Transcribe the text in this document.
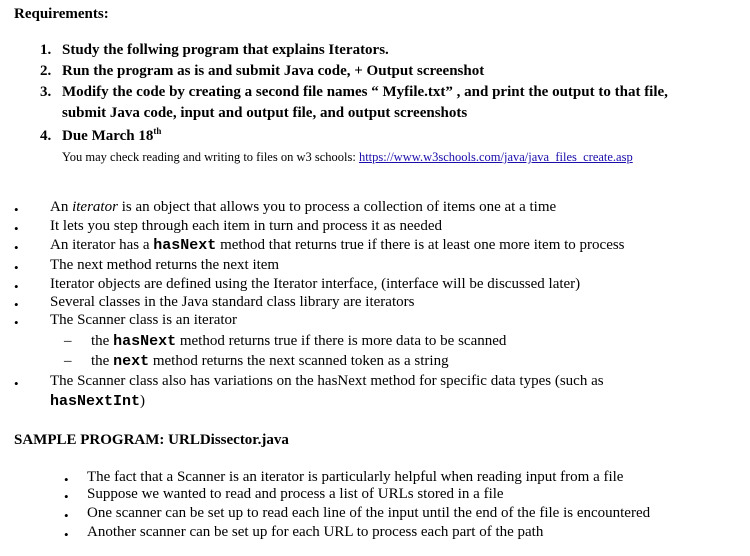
Requirements:
1. Study the follwing program that explains Iterators.
2. Run the program as is and submit Java code, + Output screenshot
3. Modify the code by creating a second file names “ Myfile.txt” , and print the output to that file,
submit Java code, input and output file, and output screenshots
4. Due March 18th
You may check reading and writing to files on w3 schools: https://www.w3schools.com/java/java_files_create.asp
• An iterator is an object that allows you to process a collection of items one at a time
• It lets you step through each item in turn and process it as needed
• An iterator has a hasNext method that returns true if there is at least one more item to process
• The next method returns the next item
• Iterator objects are defined using the Iterator interface, (interface will be discussed later)
• Several classes in the Java standard class library are iterators
• The Scanner class is an iterator
– the hasNext method returns true if there is more data to be scanned
– the next method returns the next scanned token as a string
• The Scanner class also has variations on the hasNext method for specific data types (such as
hasNextInt)
SAMPLE PROGRAM: URLDissector.java
• The fact that a Scanner is an iterator is particularly helpful when reading input from a file
• Suppose we wanted to read and process a list of URLs stored in a file
• One scanner can be set up to read each line of the input until the end of the file is encountered
• Another scanner can be set up for each URL to process each part of the path
